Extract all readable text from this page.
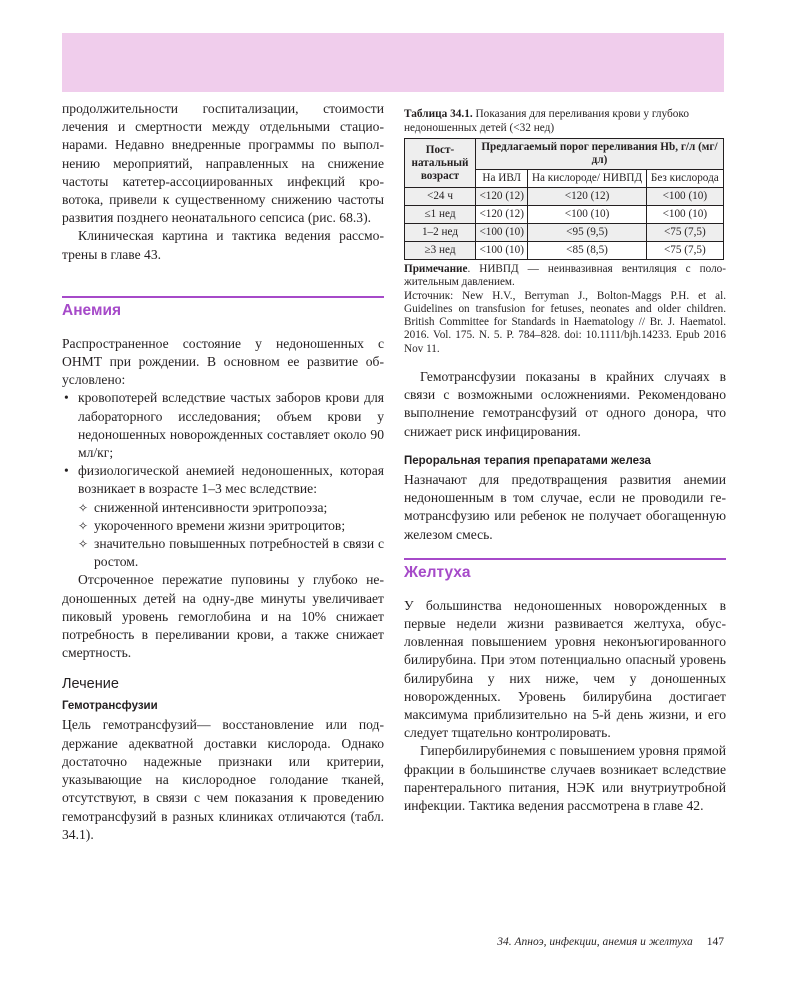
продолжительности госпитализации, стоимости лечения и смертности между отдельными стационарами. Недавно внедренные программы по выполнению мероприятий, направленных на снижение частоты катетер-ассоциированных инфекций кровотока, привели к существенному снижению частоты развития позднего неонатального сепсиса (рис. 68.3).

Клиническая картина и тактика ведения рассмотрены в главе 43.

Анемия

Распространенное состояние у недоношенных с ОНМТ при рождении. В основном ее развитие обусловлено:

• кровопотерей вследствие частых заборов крови для лабораторного исследования; объем крови у недоношенных новорожденных составляет около 90 мл/кг;
• физиологической анемией недоношенных, которая возникает в возрасте 1–3 мес вследствие:
✧ сниженной интенсивности эритропоэза;
✧ укороченного времени жизни эритроцитов;
✧ значительно повышенных потребностей в связи с ростом.

Отсроченное пережатие пуповины у глубоко недоношенных детей на одну-две минуты увеличивает пиковый уровень гемоглобина и на 10% снижает потребность в переливании крови, а также снижает смертность.

Лечение
Гемотрансфузии

Цель гемотрансфузий— восстановление или поддержание адекватной доставки кислорода. Однако достаточно надежные признаки или критерии, указывающие на кислородное голодание тканей, отсутствуют, в связи с чем показания к проведению гемотрансфузий в разных клиниках отличаются (табл. 34.1).

Таблица 34.1. Показания для переливания крови у глубоко недоношенных детей (<32 нед)

Постнатальный возраст	Предлагаемый порог переливания Hb, г/л (мг/дл)		
	На ИВЛ	На кислороде/ НИВПД	Без кислорода
<24 ч	<120 (12)	<120 (12)	<100 (10)
≤1 нед	<120 (12)	<100 (10)	<100 (10)
1–2 нед	<100 (10)	<95 (9,5)	<75 (7,5)
≥3 нед	<100 (10)	<85 (8,5)	<75 (7,5)

Примечание. НИВПД — неинвазивная вентиляция с положительным давлением.

Источник: New H.V., Berryman J., Bolton-Maggs P.H. et al. Guidelines on transfusion for fetuses, neonates and older children. British Committee for Standards in Haematology // Br. J. Haematol. 2016. Vol. 175. N. 5. P. 784–828. doi: 10.1111/bjh.14233. Epub 2016 Nov 11.

Гемотрансфузии показаны в крайних случаях в связи с возможными осложнениями. Рекомендовано выполнение гемотрансфузий от одного донора, что снижает риск инфицирования.

Пероральная терапия препаратами железа

Назначают для предотвращения развития анемии недоношенным в том случае, если не проводили гемотрансфузию или ребенок не получает обогащенную железом смесь.

Желтуха

У большинства недоношенных новорожденных в первые недели жизни развивается желтуха, обусловленная повышением уровня неконъюгированного билирубина. При этом потенциально опасный уровень билирубина у них ниже, чем у доношенных новорожденных. Уровень билирубина достигает максимума приблизительно на 5-й день жизни, и его следует тщательно контролировать.

Гипербилирубинемия с повышением уровня прямой фракции в большинстве случаев возникает вследствие парентерального питания, НЭК или внутриутробной инфекции. Тактика ведения рассмотрена в главе 42.

34. Апноэ, инфекции, анемия и желтуха 147
